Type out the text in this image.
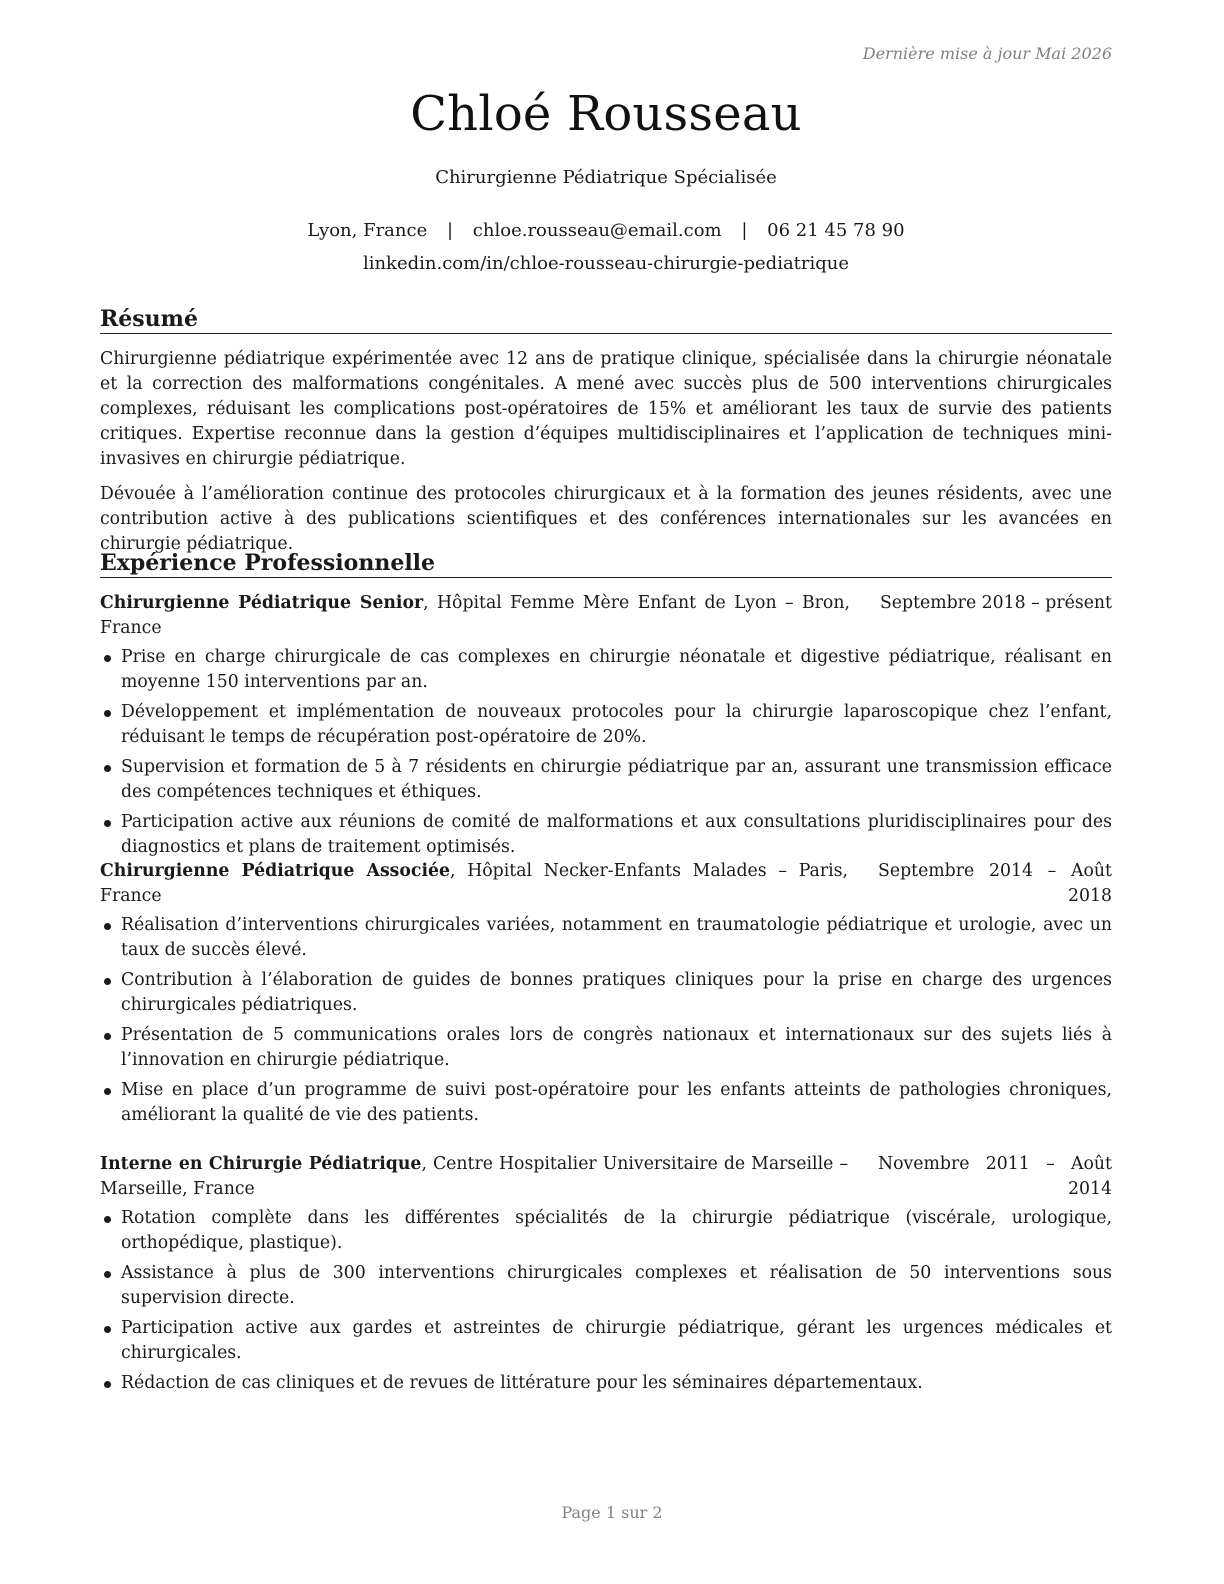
Dernière mise à jour Mai 2026
Chloé Rousseau
Chirurgienne Pédiatrique Spécialisée
Lyon, France | chloe.rousseau@email.com | 06 21 45 78 90
linkedin.com/in/chloe-rousseau-chirurgie-pediatrique
Résumé
Chirurgienne pédiatrique expérimentée avec 12 ans de pratique clinique, spécialisée dans la chirurgie néonatale et la correction des malformations congénitales. A mené avec succès plus de 500 interventions chirurgicales complexes, réduisant les complications post-opératoires de 15% et améliorant les taux de survie des patients critiques. Expertise reconnue dans la gestion d’équipes multidisciplinaires et l’application de techniques mini-invasives en chirurgie pédiatrique.
Dévouée à l’amélioration continue des protocoles chirurgicaux et à la formation des jeunes résidents, avec une contribution active à des publications scientifiques et des conférences internationales sur les avancées en chirurgie pédiatrique.
Expérience Professionnelle
Chirurgienne Pédiatrique Senior, Hôpital Femme Mère Enfant de Lyon – Bron, France
Septembre 2018 – présent
Prise en charge chirurgicale de cas complexes en chirurgie néonatale et digestive pédiatrique, réalisant en moyenne 150 interventions par an.
Développement et implémentation de nouveaux protocoles pour la chirurgie laparoscopique chez l’enfant, réduisant le temps de récupération post-opératoire de 20%.
Supervision et formation de 5 à 7 résidents en chirurgie pédiatrique par an, assurant une transmission efficace des compétences techniques et éthiques.
Participation active aux réunions de comité de malformations et aux consultations pluridisciplinaires pour des diagnostics et plans de traitement optimisés.
Chirurgienne Pédiatrique Associée, Hôpital Necker-Enfants Malades – Paris, France
Septembre 2014 – Août 2018
Réalisation d’interventions chirurgicales variées, notamment en traumatologie pédiatrique et urologie, avec un taux de succès élevé.
Contribution à l’élaboration de guides de bonnes pratiques cliniques pour la prise en charge des urgences chirurgicales pédiatriques.
Présentation de 5 communications orales lors de congrès nationaux et internationaux sur des sujets liés à l’innovation en chirurgie pédiatrique.
Mise en place d’un programme de suivi post-opératoire pour les enfants atteints de pathologies chroniques, améliorant la qualité de vie des patients.
Interne en Chirurgie Pédiatrique, Centre Hospitalier Universitaire de Marseille – Marseille, France
Novembre 2011 – Août 2014
Rotation complète dans les différentes spécialités de la chirurgie pédiatrique (viscérale, urologique, orthopédique, plastique).
Assistance à plus de 300 interventions chirurgicales complexes et réalisation de 50 interventions sous supervision directe.
Participation active aux gardes et astreintes de chirurgie pédiatrique, gérant les urgences médicales et chirurgicales.
Rédaction de cas cliniques et de revues de littérature pour les séminaires départementaux.
Page 1 sur 2
